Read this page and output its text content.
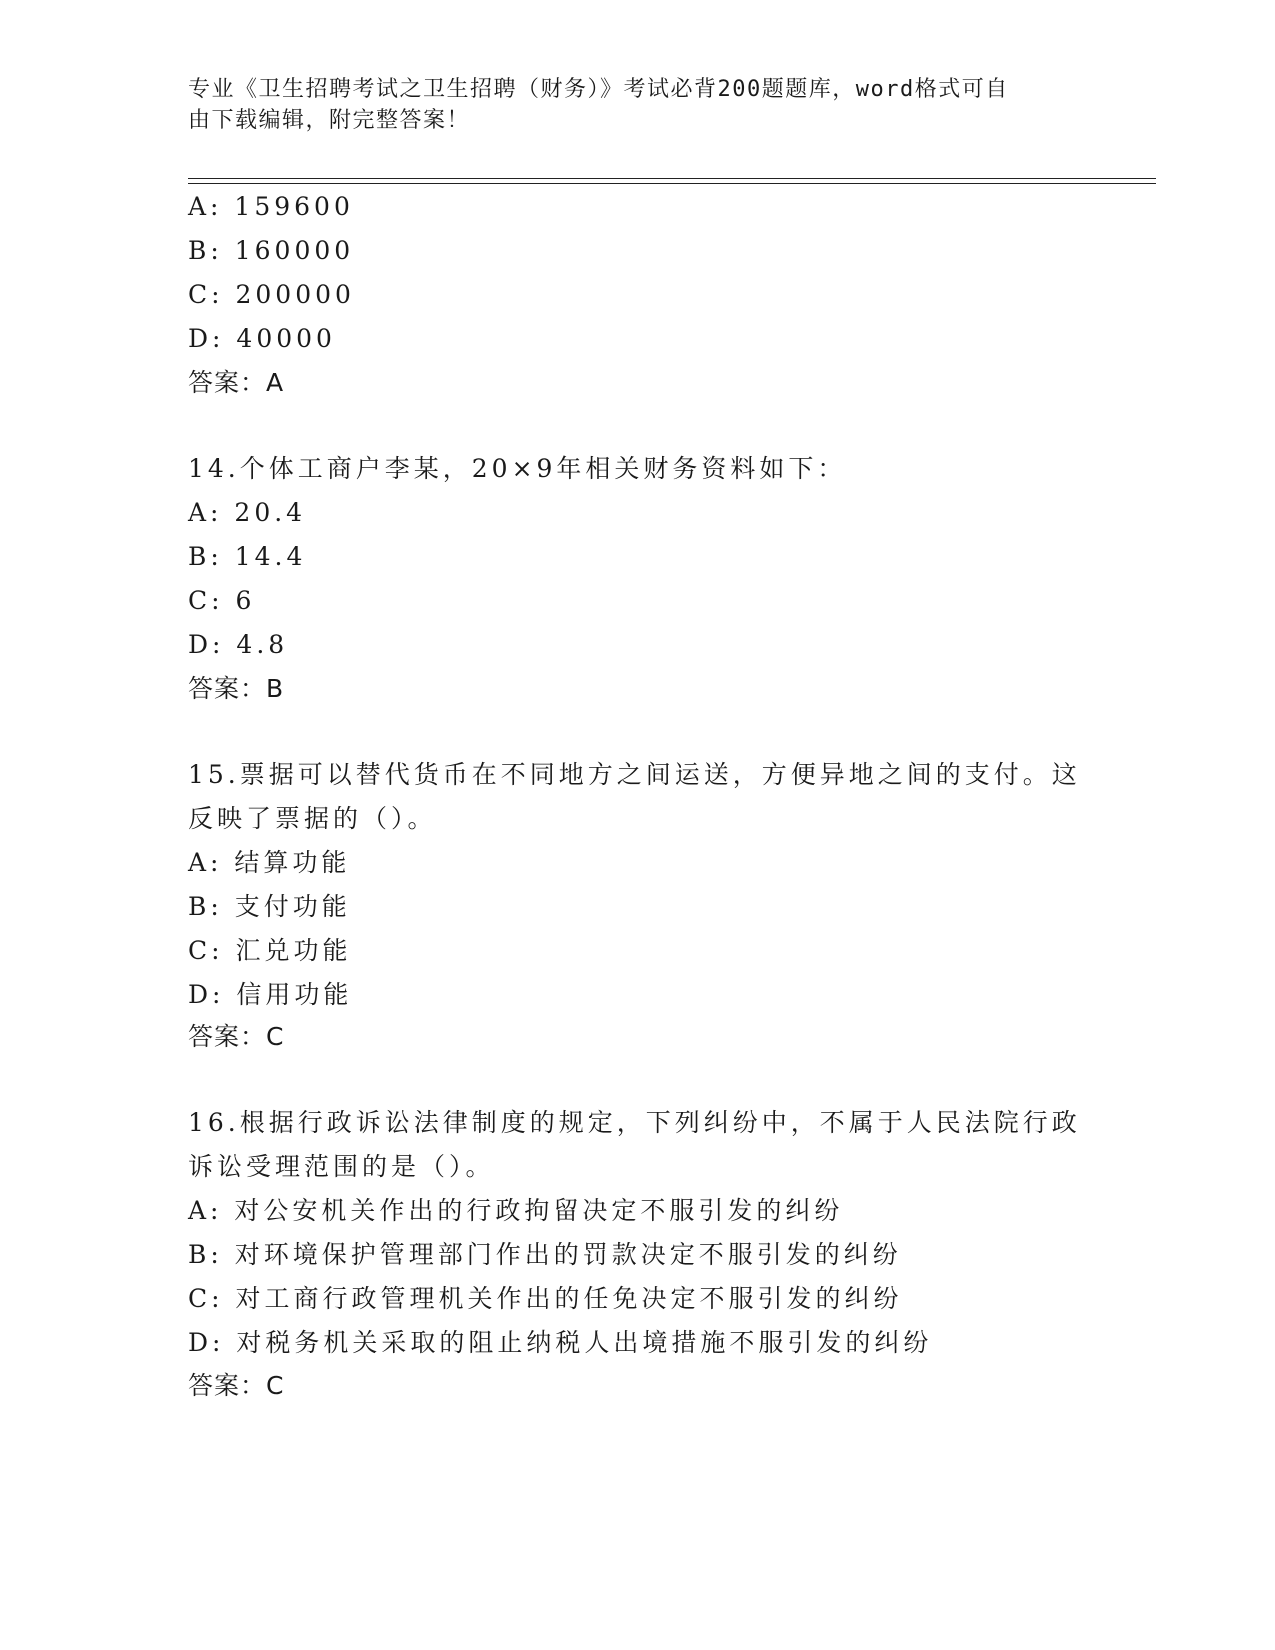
专业《卫生招聘考试之卫生招聘（财务）》考试必背200题题库，word格式可自
由下载编辑，附完整答案！
A: 159600
B: 160000
C: 200000
D: 40000
答案：A
14.个体工商户李某，20×9年相关财务资料如下：
A: 20.4
B: 14.4
C: 6
D: 4.8
答案：B
15.票据可以替代货币在不同地方之间运送，方便异地之间的支付。这
反映了票据的（）。
A: 结算功能
B: 支付功能
C: 汇兑功能
D: 信用功能
答案：C
16.根据行政诉讼法律制度的规定，下列纠纷中，不属于人民法院行政
诉讼受理范围的是（）。
A: 对公安机关作出的行政拘留决定不服引发的纠纷
B: 对环境保护管理部门作出的罚款决定不服引发的纠纷
C: 对工商行政管理机关作出的任免决定不服引发的纠纷
D: 对税务机关采取的阻止纳税人出境措施不服引发的纠纷
答案：C
